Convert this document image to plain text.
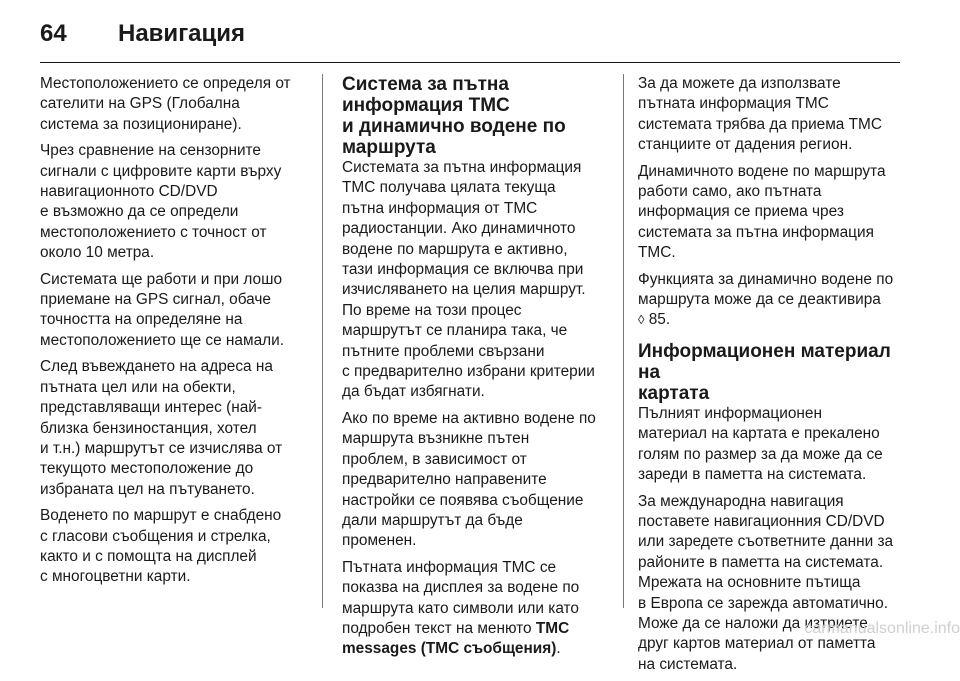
64	Навигация

Местоположението се определя от
сателити на GPS (Глобална
система за позициониране).

Чрез сравнение на сензорните
сигнали с цифровите карти върху
навигационното CD/DVD
е възможно да се определи
местоположението с точност от
около 10 метра.

Системата ще работи и при лошо
приемане на GPS сигнал, обаче
точността на определяне на
местоположението ще се намали.

След въвеждането на адреса на
пътната цел или на обекти,
представляващи интерес (най-
близка бензиностанция, хотел
и т.н.) маршрутът се изчислява от
текущото местоположение до
избраната цел на пътуването.

Воденето по маршрут е снабдено
с гласови съобщения и стрелка,
както и с помощта на дисплей
с многоцветни карти.

Система за пътна
информация TMC
и динамично водене по
маршрута

Системата за пътна информация
TMC получава цялата текуща
пътна информация от TMC
радиостанции. Ако динамичното
водене по маршрута е активно,
тази информация се включва при
изчисляването на целия маршрут.
По време на този процес
маршрутът се планира така, че
пътните проблеми свързани
с предварително избрани критерии
да бъдат избягнати.

Ако по време на активно водене по
маршрута възникне пътен
проблем, в зависимост от
предварително направените
настройки се появява съобщение
дали маршрутът да бъде
променен.

Пътната информация TMC се
показва на дисплея за водене по
маршрута като символи или като
подробен текст на менюто TMC
messages (TMC съобщения).

За да можете да използвате
пътната информация TMC
системата трябва да приема TMC
станциите от дадения регион.

Динамичното водене по маршрута
работи само, ако пътната
информация се приема чрез
системата за пътна информация
TMC.

Функцията за динамично водене по
маршрута може да се деактивира
◊ 85.

Информационен материал на
картата

Пълният информационен
материал на картата е прекалено
голям по размер за да може да се
зареди в паметта на системата.

За международна навигация
поставете навигационния CD/DVD
или заредете съответните данни за
районите в паметта на системата.
Мрежата на основните пътища
в Европа се зарежда автоматично.
Може да се наложи да изтриете
друг картов материал от паметта
на системата.

carmanualsonline.info
